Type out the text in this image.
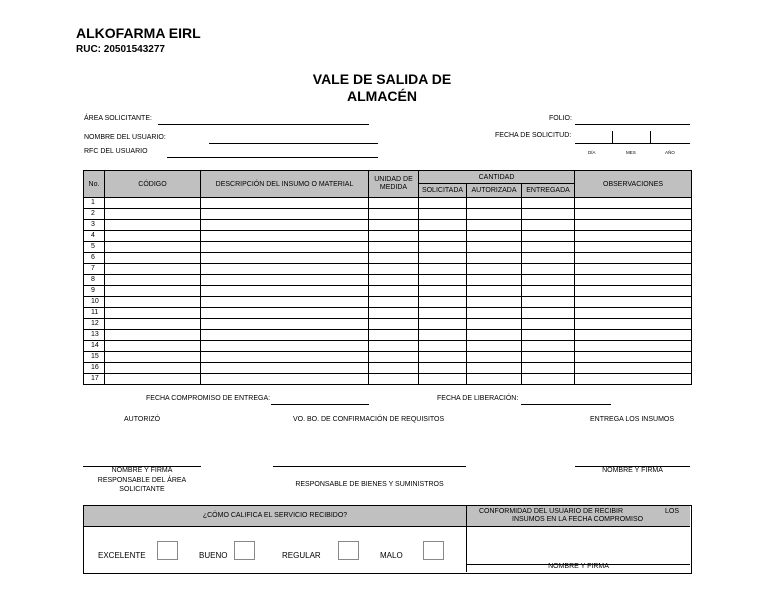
ALKOFARMA EIRL
RUC: 20501543277
VALE DE SALIDA DE
ALMACÉN
ÁREA SOLICITANTE:
NOMBRE DEL USUARIO:
RFC DEL USUARIO
FOLIO:
FECHA DE SOLICITUD:
DÍA	MES	AÑO
No.	CÓDIGO	DESCRIPCIÓN DEL INSUMO O MATERIAL	UNIDAD DE MEDIDA	CANTIDAD			OBSERVACIONES
				SOLICITADA	AUTORIZADA	ENTREGADA	
1							
2							
3							
4							
5							
6							
7							
8							
9							
10							
11							
12							
13							
14							
15							
16							
17							
FECHA COMPROMISO DE ENTREGA:	FECHA DE LIBERACIÓN:
AUTORIZÓ	VO. BO. DE CONFIRMACIÓN DE REQUISITOS	ENTREGA LOS INSUMOS
NOMBRE Y FIRMA
RESPONSABLE DEL ÁREA SOLICITANTE
RESPONSABLE DE BIENES Y SUMINISTROS
NOMBRE Y FIRMA
¿CÓMO CALIFICA EL SERVICIO RECIBIDO?
CONFORMIDAD DEL USUARIO DE RECIBIR	LOS
INSUMOS EN LA FECHA COMPROMISO
EXCELENTE	BUENO	REGULAR	MALO
NOMBRE Y FIRMA
